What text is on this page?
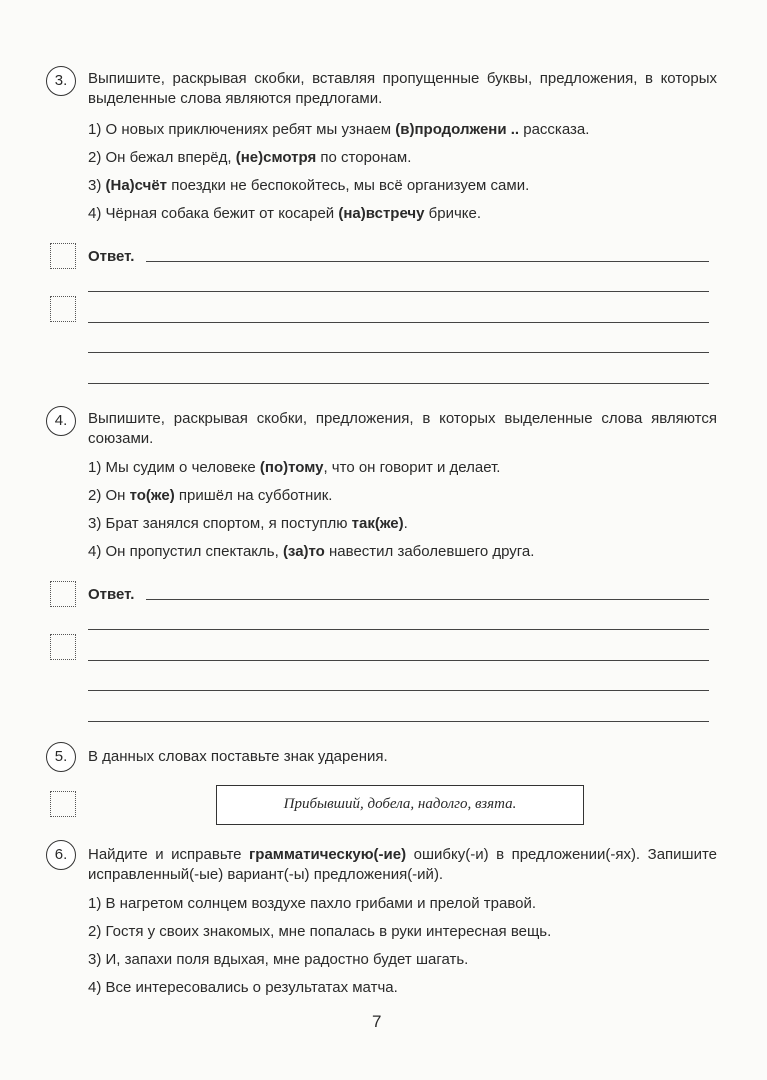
3.	Выпишите, раскрывая скобки, вставляя пропущенные буквы, предложения, в которых выделенные слова являются предлогами.
1) О новых приключениях ребят мы узнаем (в)продолжени .. рассказа.
2) Он бежал вперёд, (не)смотря по сторонам.
3) (На)счёт поездки не беспокойтесь, мы всё организуем сами.
4) Чёрная собака бежит от косарей (на)встречу бричке.
Ответ.
4.	Выпишите, раскрывая скобки, предложения, в которых выделенные слова являются союзами.
1) Мы судим о человеке (по)тому, что он говорит и делает.
2) Он то(же) пришёл на субботник.
3) Брат занялся спортом, я поступлю так(же).
4) Он пропустил спектакль, (за)то навестил заболевшего друга.
Ответ.
5.	В данных словах поставьте знак ударения.
Прибывший, добела, надолго, взята.
6.	Найдите и исправьте грамматическую(-ие) ошибку(-и) в предложении(-ях). Запишите исправленный(-ые) вариант(-ы) предложения(-ий).
1) В нагретом солнцем воздухе пахло грибами и прелой травой.
2) Гостя у своих знакомых, мне попалась в руки интересная вещь.
3) И, запахи поля вдыхая, мне радостно будет шагать.
4) Все интересовались о результатах матча.
7
